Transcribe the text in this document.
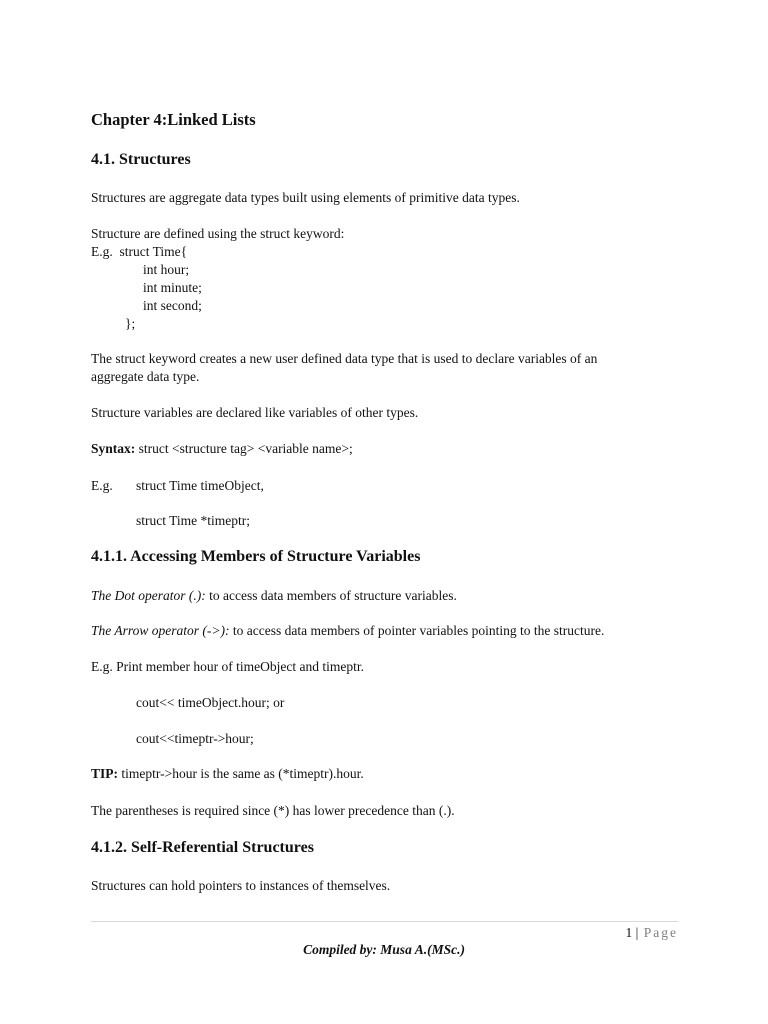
Chapter 4:Linked Lists
4.1. Structures
Structures are aggregate data types built using elements of primitive data types.
Structure are defined using the struct keyword:
E.g.  struct Time{
int hour;
int minute;
int second;
};
The struct keyword creates a new user defined data type that is used to declare variables of an
aggregate data type.
Structure variables are declared like variables of other types.
Syntax: struct <structure tag> <variable name>;
E.g. struct Time timeObject,
struct Time *timeptr;
4.1.1. Accessing Members of Structure Variables
The Dot operator (.): to access data members of structure variables.
The Arrow operator (->): to access data members of pointer variables pointing to the structure.
E.g. Print member hour of timeObject and timeptr.
cout<< timeObject.hour; or
cout<<timeptr->hour;
TIP: timeptr->hour is the same as (*timeptr).hour.
The parentheses is required since (*) has lower precedence than (.).
4.1.2. Self-Referential Structures
Structures can hold pointers to instances of themselves.
1 | Page
Compiled by: Musa A.(MSc.)
